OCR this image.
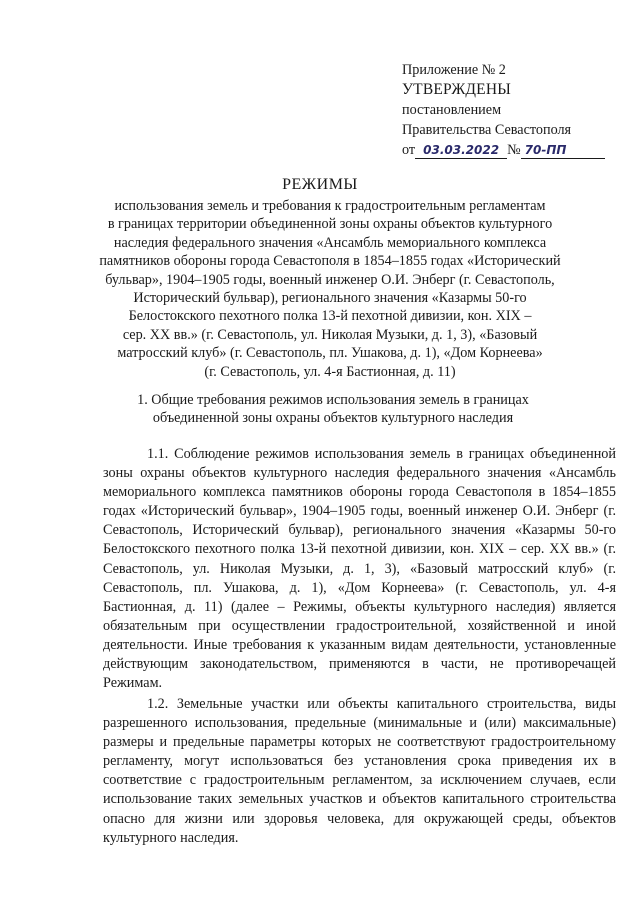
Приложение № 2
УТВЕРЖДЕНЫ
постановлением
Правительства Севастополя
от 03.03.2022 № 70-ПП
РЕЖИМЫ
использования земель и требования к градостроительным регламентам
в границах территории объединенной зоны охраны объектов культурного
наследия федерального значения «Ансамбль мемориального комплекса
памятников обороны города Севастополя в 1854–1855 годах «Исторический
бульвар», 1904–1905 годы, военный инженер О.И. Энберг (г. Севастополь,
Исторический бульвар), регионального значения «Казармы 50-го
Белостокского пехотного полка 13-й пехотной дивизии, кон. XIX –
сер. XX вв.» (г. Севастополь, ул. Николая Музыки, д. 1, 3), «Базовый
матросский клуб» (г. Севастополь, пл. Ушакова, д. 1), «Дом Корнеева»
(г. Севастополь, ул. 4-я Бастионная, д. 11)
1. Общие требования режимов использования земель в границах
объединенной зоны охраны объектов культурного наследия

1.1. Соблюдение режимов использования земель в границах объединенной зоны охраны объектов культурного наследия федерального значения «Ансамбль мемориального комплекса памятников обороны города Севастополя в 1854–1855 годах «Исторический бульвар», 1904–1905 годы, военный инженер О.И. Энберг (г. Севастополь, Исторический бульвар), регионального значения «Казармы 50-го Белостокского пехотного полка 13-й пехотной дивизии, кон. XIX – сер. XX вв.» (г. Севастополь, ул. Николая Музыки, д. 1, 3), «Базовый матросский клуб» (г. Севастополь, пл. Ушакова, д. 1), «Дом Корнеева» (г. Севастополь, ул. 4-я Бастионная, д. 11) (далее – Режимы, объекты культурного наследия) является обязательным при осуществлении градостроительной, хозяйственной и иной деятельности. Иные требования к указанным видам деятельности, установленные действующим законодательством, применяются в части, не противоречащей Режимам.

1.2. Земельные участки или объекты капитального строительства, виды разрешенного использования, предельные (минимальные и (или) максимальные) размеры и предельные параметры которых не соответствуют градостроительному регламенту, могут использоваться без установления срока приведения их в соответствие с градостроительным регламентом, за исключением случаев, если использование таких земельных участков и объектов капитального строительства опасно для жизни или здоровья человека, для окружающей среды, объектов культурного наследия.
